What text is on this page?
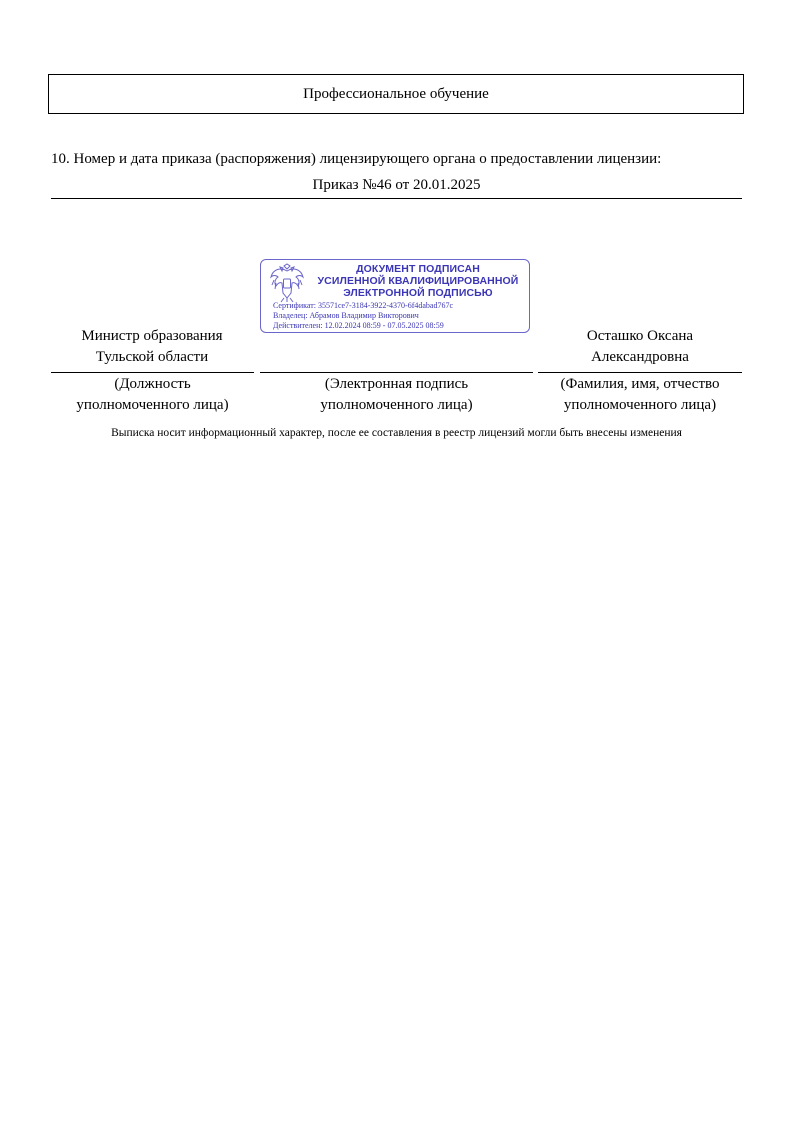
Профессиональное обучение
10. Номер и дата приказа (распоряжения) лицензирующего органа о предоставлении лицензии:
Приказ №46 от 20.01.2025
Министр образования
Тульской области
Осташко Оксана
Александровна
ДОКУМЕНТ ПОДПИСАН
УСИЛЕННОЙ КВАЛИФИЦИРОВАННОЙ
ЭЛЕКТРОННОЙ ПОДПИСЬЮ
Сертификат: 35571ce7-3184-3922-4370-6f4dabad767c
Владелец: Абрамов Владимир Викторович
Действителен: 12.02.2024 08:59 - 07.05.2025 08:59
(Должность
уполномоченного лица)
(Электронная подпись
уполномоченного лица)
(Фамилия, имя, отчество
уполномоченного лица)
Выписка носит информационный характер, после ее составления в реестр лицензий могли быть внесены изменения
